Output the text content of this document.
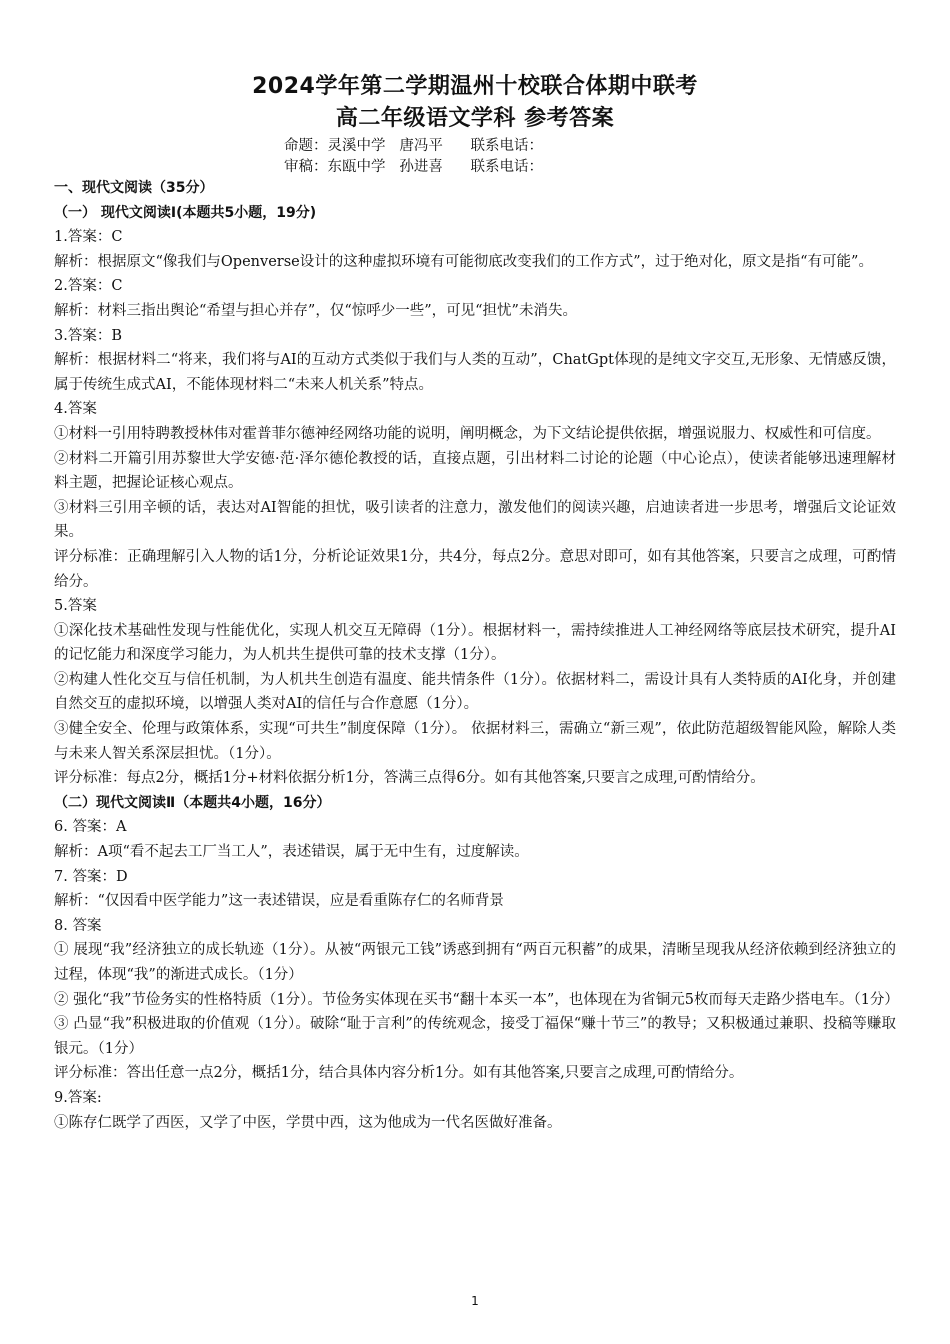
2024学年第二学期温州十校联合体期中联考
高二年级语文学科 参考答案
命题：灵溪中学   唐冯平      联系电话：
审稿：东瓯中学   孙进喜      联系电话：

一、现代文阅读（35分）

（一） 现代文阅读Ⅰ(本题共5小题，19分)

1.答案：C

解析：根据原文“像我们与Openverse设计的这种虚拟环境有可能彻底改变我们的工作方式”，过于绝对化，原文是指“有可能”。

2.答案：C

解析：材料三指出舆论“希望与担心并存”，仅“惊呼少一些”，可见“担忧”未消失。

3.答案：B

解析：根据材料二“将来，我们将与AI的互动方式类似于我们与人类的互动”，ChatGpt体现的是纯文字交互,无形象、无情感反馈，属于传统生成式AI，不能体现材料二“未来人机关系”特点。

4.答案

①材料一引用特聘教授林伟对霍普菲尔德神经网络功能的说明，阐明概念，为下文结论提供依据，增强说服力、权威性和可信度。

②材料二开篇引用苏黎世大学安德·范·泽尔德伦教授的话，直接点题，引出材料二讨论的论题（中心论点），使读者能够迅速理解材料主题，把握论证核心观点。

③材料三引用辛顿的话，表达对AI智能的担忧，吸引读者的注意力，激发他们的阅读兴趣，启迪读者进一步思考，增强后文论证效果。

评分标准：正确理解引入人物的话1分，分析论证效果1分，共4分，每点2分。意思对即可，如有其他答案，只要言之成理，可酌情给分。

5.答案

①深化技术基础性发现与性能优化，实现人机交互无障碍（1分）。根据材料一，需持续推进人工神经网络等底层技术研究，提升AI的记忆能力和深度学习能力，为人机共生提供可靠的技术支撑（1分）。

②构建人性化交互与信任机制，为人机共生创造有温度、能共情条件（1分）。依据材料二，需设计具有人类特质的AI化身，并创建自然交互的虚拟环境，以增强人类对AI的信任与合作意愿（1分）。

③健全安全、伦理与政策体系，实现“可共生”制度保障（1分）。 依据材料三，需确立“新三观”，依此防范超级智能风险，解除人类与未来人智关系深层担忧。（1分）。

评分标准：每点2分，概括1分+材料依据分析1分，答满三点得6分。如有其他答案,只要言之成理,可酌情给分。

（二）现代文阅读Ⅱ（本题共4小题，16分）

6. 答案：A

解析：A项“看不起去工厂当工人”，表述错误，属于无中生有，过度解读。

7. 答案：D

解析：“仅因看中医学能力”这一表述错误，应是看重陈存仁的名师背景

8. 答案

① 展现“我”经济独立的成长轨迹（1分）。从被“两银元工钱”诱惑到拥有“两百元积蓄”的成果，清晰呈现我从经济依赖到经济独立的过程，体现“我”的渐进式成长。（1分）

② 强化“我”节俭务实的性格特质（1分）。节俭务实体现在买书“翻十本买一本”，也体现在为省铜元5枚而每天走路少搭电车。（1分）

③ 凸显“我”积极进取的价值观（1分）。破除“耻于言利”的传统观念，接受丁福保“赚十节三”的教导；又积极通过兼职、投稿等赚取银元。（1分）

评分标准：答出任意一点2分，概括1分，结合具体内容分析1分。如有其他答案,只要言之成理,可酌情给分。

9.答案:

①陈存仁既学了西医，又学了中医，学贯中西，这为他成为一代名医做好准备。

1
